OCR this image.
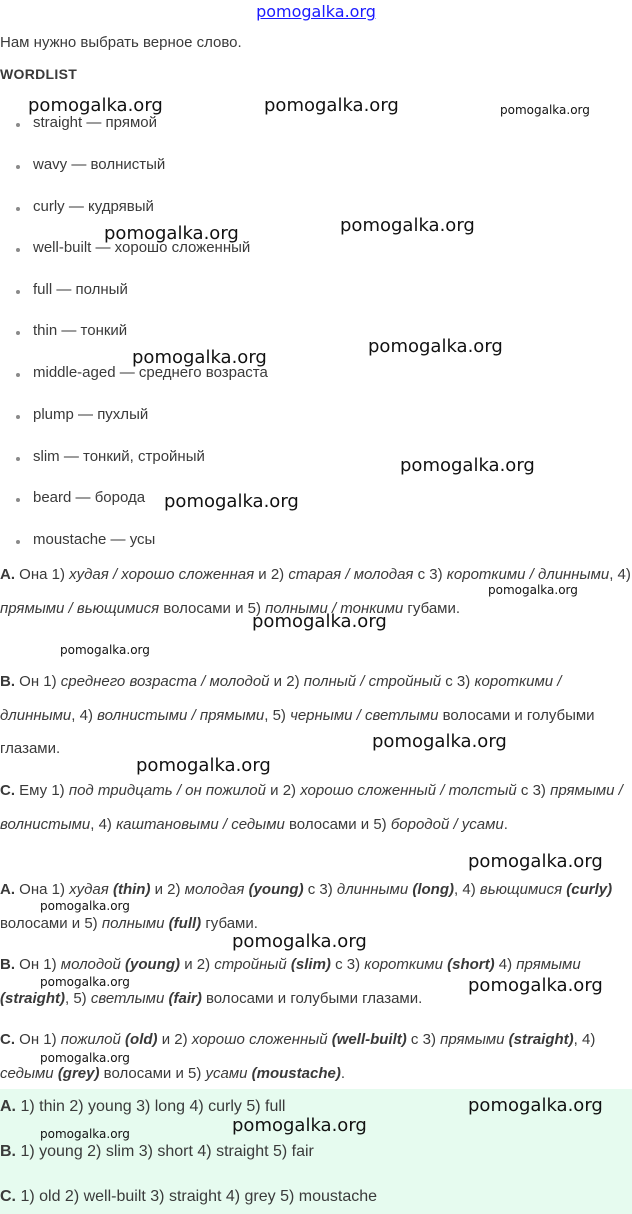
pomogalka.org
Нам нужно выбрать верное слово.
WORDLIST
straight — прямой
wavy — волнистый
curly — кудрявый
well-built — хорошо сложенный
full — полный
thin — тонкий
middle-aged — среднего возраста
plump — пухлый
slim — тонкий, стройный
beard — борода
moustache — усы
A. Она 1) худая / хорошо сложенная и 2) старая / молодая с 3) короткими / длинными, 4) прямыми / вьющимися волосами и 5) полными / тонкими губами.
B. Он 1) среднего возраста / молодой и 2) полный / стройный с 3) короткими / длинными, 4) волнистыми / прямыми, 5) черными / светлыми волосами и голубыми глазами.
C. Ему 1) под тридцать / он пожилой и 2) хорошо сложенный / толстый с 3) прямыми / волнистыми, 4) каштановыми / седыми волосами и 5) бородой / усами.
A. Она 1) худая (thin) и 2) молодая (young) с 3) длинными (long), 4) вьющимися (curly) волосами и 5) полными (full) губами.
B. Он 1) молодой (young) и 2) стройный (slim) с 3) короткими (short) 4) прямыми (straight), 5) светлыми (fair) волосами и голубыми глазами.
C. Он 1) пожилой (old) и 2) хорошо сложенный (well-built) с 3) прямыми (straight), 4) седыми (grey) волосами и 5) усами (moustache).
A. 1) thin 2) young 3) long 4) curly 5) full
B. 1) young 2) slim 3) short 4) straight 5) fair
C. 1) old 2) well-built 3) straight 4) grey 5) moustache
pomogalka.org	pomogalka.org	pomogalka.org
pomogalka.org	pomogalka.org
pomogalka.org
pomogalka.org
pomogalka.org
pomogalka.org
pomogalka.org
pomogalka.org
pomogalka.org
pomogalka.org
pomogalka.org
pomogalka.org
pomogalka.org
pomogalka.org
pomogalka.org	pomogalka.org
pomogalka.org
pomogalka.org
pomogalka.org
pomogalka.org
